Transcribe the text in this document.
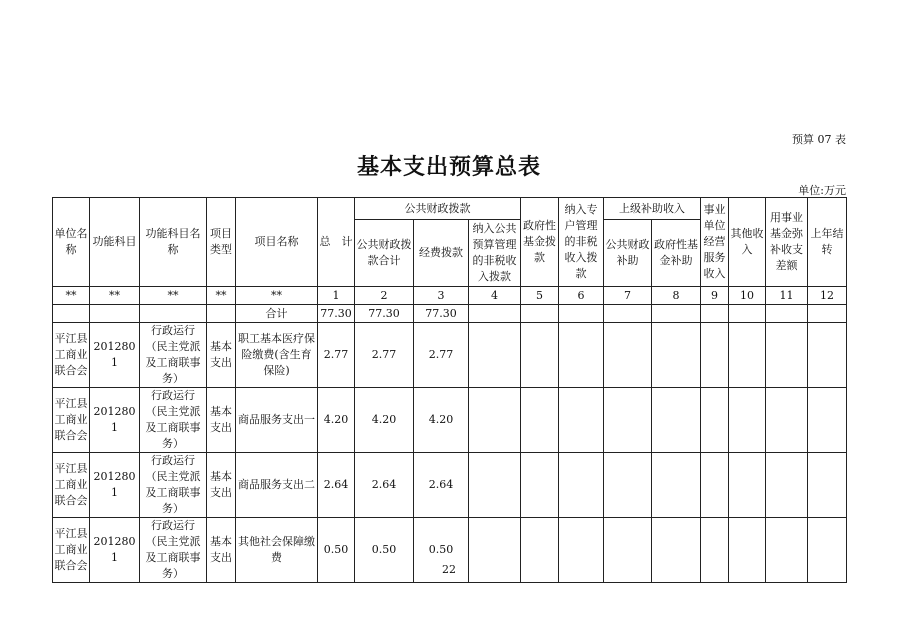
预算 07 表
基本支出预算总表
单位:万元
单位名称	功能科目	功能科目名称	项目类型	项目名称	总　计	公共财政拨款			政府性基金拨款	纳入专户管理的非税收入拨款	上级补助收入		事业单位经营服务收入	其他收入	用事业基金弥补收支差额	上年结转
						公共财政拨款合计	经费拨款	纳入公共预算管理的非税收入拨款			公共财政补助	政府性基金补助				
**	**	**	**	**	1	2	3	4	5	6	7	8	9	10	11	12
				合计	77.30	77.30	77.30									
平江县工商业联合会	2012801	行政运行（民主党派及工商联事务）	基本支出	职工基本医疗保险缴费(含生育保险)	2.77	2.77	2.77									
平江县工商业联合会	2012801	行政运行（民主党派及工商联事务）	基本支出	商品服务支出一	4.20	4.20	4.20									
平江县工商业联合会	2012801	行政运行（民主党派及工商联事务）	基本支出	商品服务支出二	2.64	2.64	2.64									
平江县工商业联合会	2012801	行政运行（民主党派及工商联事务）	基本支出	其他社会保障缴费	0.50	0.50	0.50									
22
